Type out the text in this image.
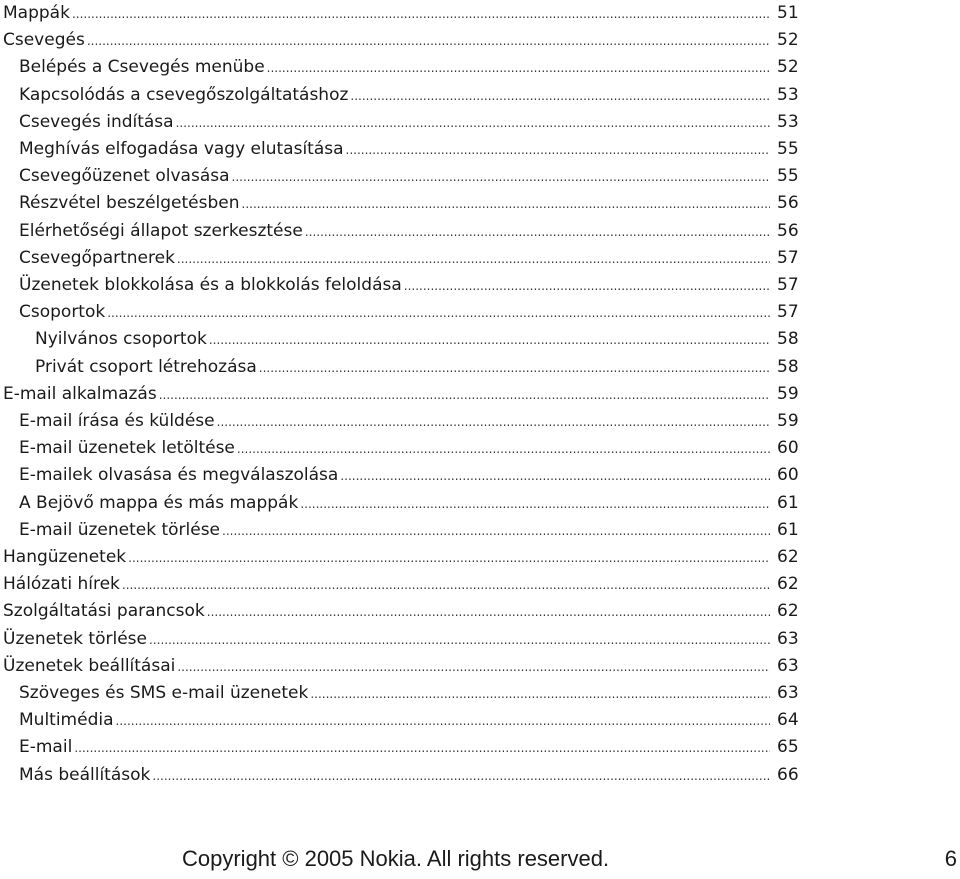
Mappák .....	51
Csevegés .....	52
Belépés a Csevegés menübe .....	52
Kapcsolódás a csevegőszolgáltatáshoz .....	53
Csevegés indítása .....	53
Meghívás elfogadása vagy elutasítása .....	55
Csevegőüzenet olvasása .....	55
Részvétel beszélgetésben .....	56
Elérhetőségi állapot szerkesztése .....	56
Csevegőpartnerek .....	57
Üzenetek blokkolása és a blokkolás feloldása .....	57
Csoportok .....	57
Nyilvános csoportok .....	58
Privát csoport létrehozása .....	58
E-mail alkalmazás .....	59
E-mail írása és küldése .....	59
E-mail üzenetek letöltése .....	60
E-mailek olvasása és megválaszolása .....	60
A Bejövő mappa és más mappák .....	61
E-mail üzenetek törlése .....	61
Hangüzenetek .....	62
Hálózati hírek .....	62
Szolgáltatási parancsok .....	62
Üzenetek törlése .....	63
Üzenetek beállításai .....	63
Szöveges és SMS e-mail üzenetek .....	63
Multimédia .....	64
E-mail .....	65
Más beállítások .....	66
Copyright © 2005 Nokia. All rights reserved.	6
